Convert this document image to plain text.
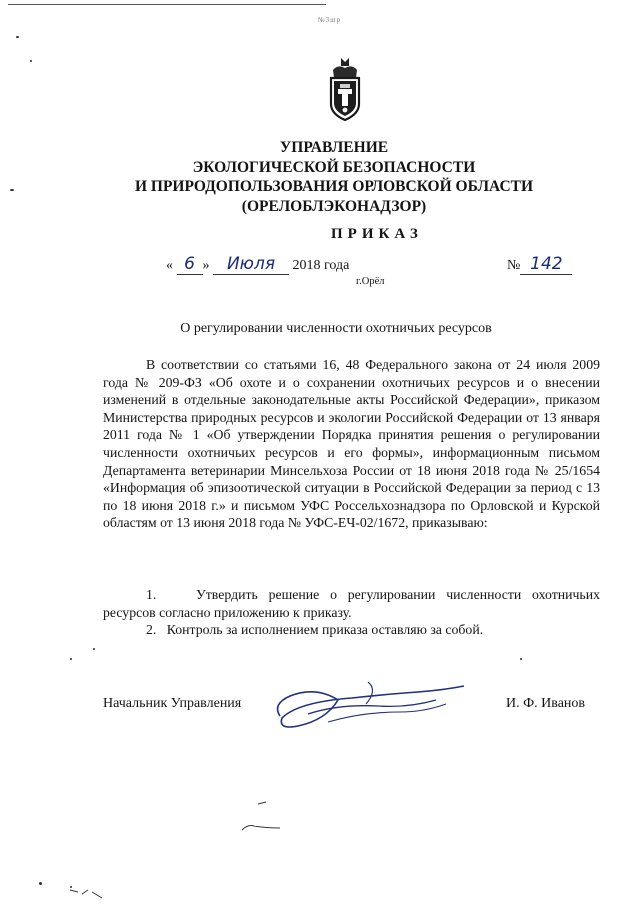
№3шр
УПРАВЛЕНИЕ
ЭКОЛОГИЧЕСКОЙ БЕЗОПАСНОСТИ
И ПРИРОДОПОЛЬЗОВАНИЯ ОРЛОВСКОЙ ОБЛАСТИ
(ОРЕЛОБЛЭКОНАДЗОР)
ПРИКАЗ
« 6 » Июля 2018 года	№ 142
г.Орёл
О регулировании численности охотничьих ресурсов

В соответствии со статьями 16, 48 Федерального закона от 24 июля 2009 года № 209-ФЗ «Об охоте и о сохранении охотничьих ресурсов и о внесении изменений в отдельные законодательные акты Российской Федерации», приказом Министерства природных ресурсов и экологии Российской Федерации от 13 января 2011 года № 1 «Об утверждении Порядка принятия решения о регулировании численности охотничьих ресурсов и его формы», информационным письмом Департамента ветеринарии Минсельхоза России от 18 июня 2018 года № 25/1654 «Информация об эпизоотической ситуации в Российской Федерации за период с 13 по 18 июня 2018 г.» и письмом УФС Россельхознадзора по Орловской и Курской областям от 13 июня 2018 года № УФС-ЕЧ-02/1672, приказываю:

1.	Утвердить решение о регулировании численности охотничьих ресурсов согласно приложению к приказу.
2. Контроль за исполнением приказа оставляю за собой.
Начальник Управления	И. Ф. Иванов
